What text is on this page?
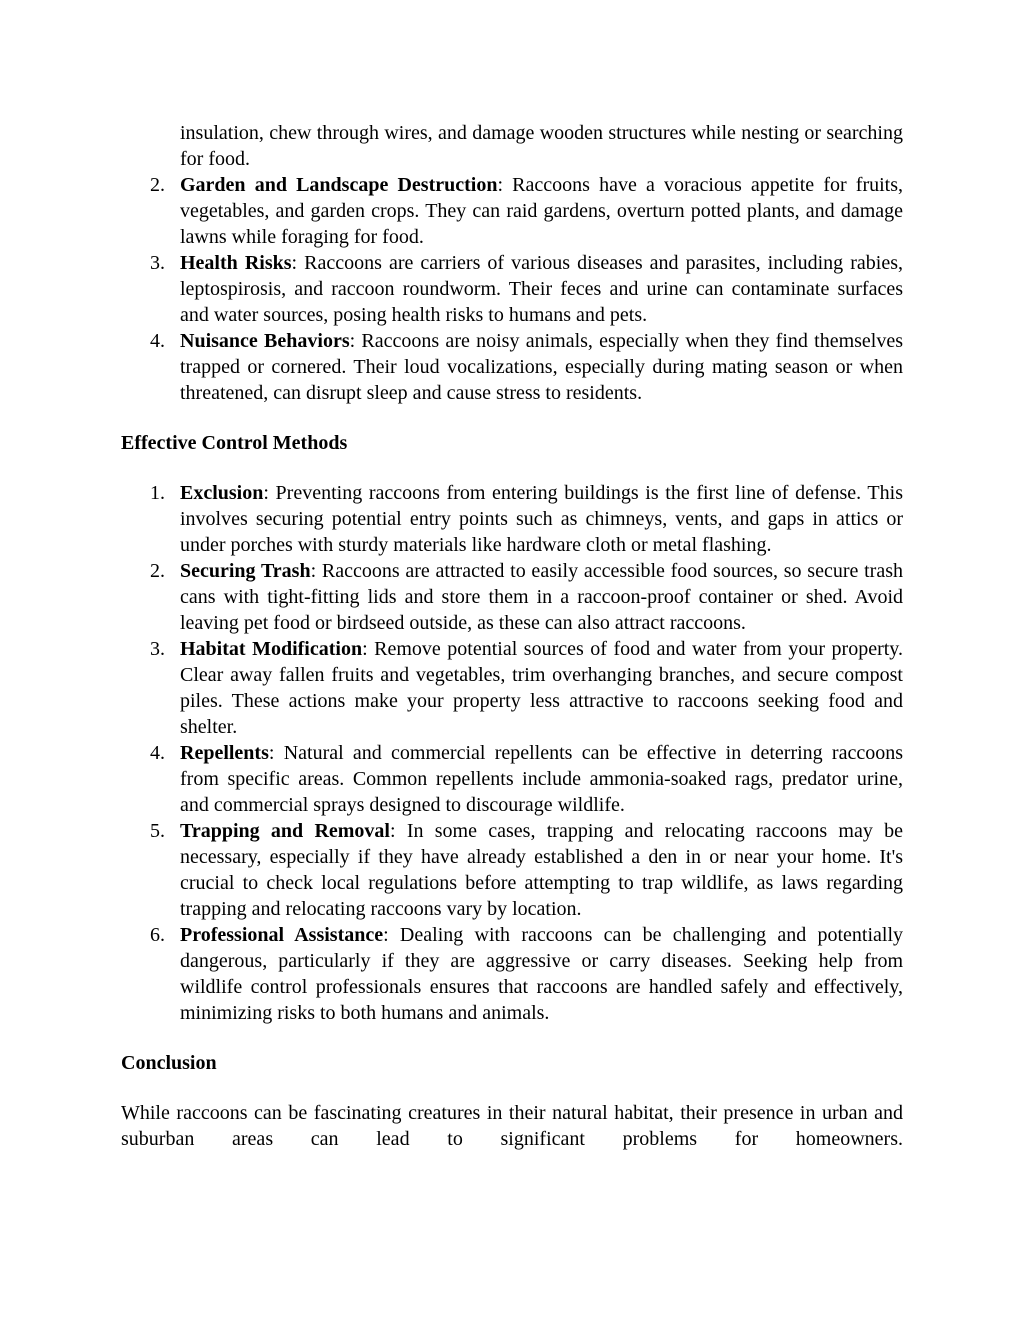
insulation, chew through wires, and damage wooden structures while nesting or searching for food.
2. Garden and Landscape Destruction: Raccoons have a voracious appetite for fruits, vegetables, and garden crops. They can raid gardens, overturn potted plants, and damage lawns while foraging for food.
3. Health Risks: Raccoons are carriers of various diseases and parasites, including rabies, leptospirosis, and raccoon roundworm. Their feces and urine can contaminate surfaces and water sources, posing health risks to humans and pets.
4. Nuisance Behaviors: Raccoons are noisy animals, especially when they find themselves trapped or cornered. Their loud vocalizations, especially during mating season or when threatened, can disrupt sleep and cause stress to residents.
Effective Control Methods
1. Exclusion: Preventing raccoons from entering buildings is the first line of defense. This involves securing potential entry points such as chimneys, vents, and gaps in attics or under porches with sturdy materials like hardware cloth or metal flashing.
2. Securing Trash: Raccoons are attracted to easily accessible food sources, so secure trash cans with tight-fitting lids and store them in a raccoon-proof container or shed. Avoid leaving pet food or birdseed outside, as these can also attract raccoons.
3. Habitat Modification: Remove potential sources of food and water from your property. Clear away fallen fruits and vegetables, trim overhanging branches, and secure compost piles. These actions make your property less attractive to raccoons seeking food and shelter.
4. Repellents: Natural and commercial repellents can be effective in deterring raccoons from specific areas. Common repellents include ammonia-soaked rags, predator urine, and commercial sprays designed to discourage wildlife.
5. Trapping and Removal: In some cases, trapping and relocating raccoons may be necessary, especially if they have already established a den in or near your home. It's crucial to check local regulations before attempting to trap wildlife, as laws regarding trapping and relocating raccoons vary by location.
6. Professional Assistance: Dealing with raccoons can be challenging and potentially dangerous, particularly if they are aggressive or carry diseases. Seeking help from wildlife control professionals ensures that raccoons are handled safely and effectively, minimizing risks to both humans and animals.
Conclusion

While raccoons can be fascinating creatures in their natural habitat, their presence in urban and suburban areas can lead to significant problems for homeowners.
